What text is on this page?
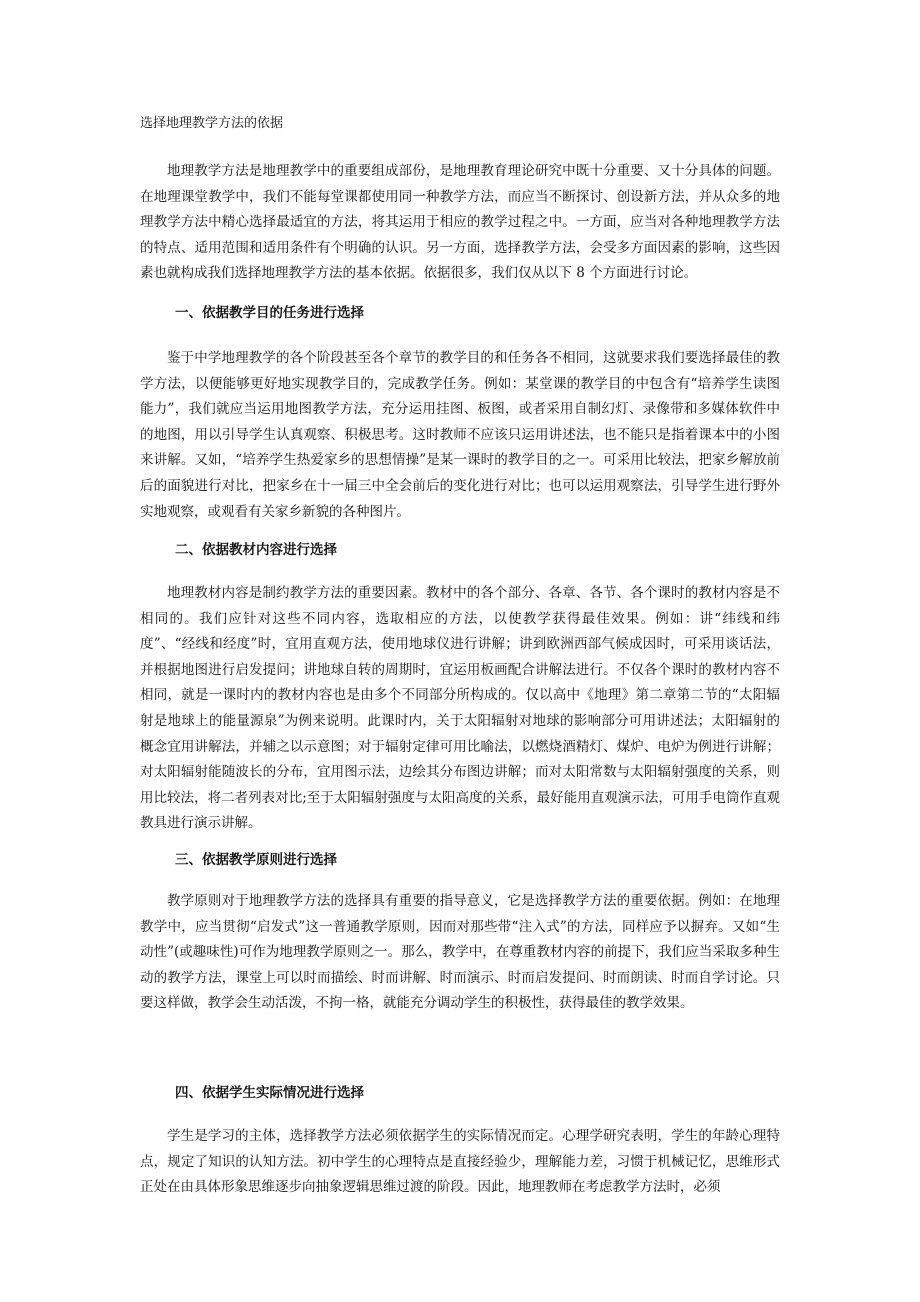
选择地理教学方法的依据

地理教学方法是地理教学中的重要组成部份，是地理教育理论研究中既十分重要、又十分具体的问题。在地理课堂教学中，我们不能每堂课都使用同一种教学方法，而应当不断探讨、创设新方法，并从众多的地理教学方法中精心选择最适宜的方法，将其运用于相应的教学过程之中。一方面，应当对各种地理教学方法的特点、适用范围和适用条件有个明确的认识。另一方面，选择教学方法，会受多方面因素的影响，这些因素也就构成我们选择地理教学方法的基本依据。依据很多，我们仅从以下 8 个方面进行讨论。

一、依据教学目的任务进行选择

鉴于中学地理教学的各个阶段甚至各个章节的教学目的和任务各不相同，这就要求我们要选择最佳的教学方法，以便能够更好地实现教学目的，完成教学任务。例如：某堂课的教学目的中包含有“培养学生读图能力”，我们就应当运用地图教学方法，充分运用挂图、板图，或者采用自制幻灯、录像带和多媒体软件中的地图，用以引导学生认真观察、积极思考。这时教师不应该只运用讲述法，也不能只是指着课本中的小图来讲解。又如，“培养学生热爱家乡的思想情操”是某一课时的教学目的之一。可采用比较法，把家乡解放前后的面貌进行对比，把家乡在十一届三中全会前后的变化进行对比；也可以运用观察法，引导学生进行野外实地观察，或观看有关家乡新貌的各种图片。

二、依据教材内容进行选择

地理教材内容是制约教学方法的重要因素。教材中的各个部分、各章、各节、各个课时的教材内容是不相同的。我们应针对这些不同内容，选取相应的方法，以使教学获得最佳效果。例如：讲“纬线和纬度”、“经线和经度”时，宜用直观方法，使用地球仪进行讲解；讲到欧洲西部气候成因时，可采用谈话法，并根据地图进行启发提问；讲地球自转的周期时，宜运用板画配合讲解法进行。不仅各个课时的教材内容不相同，就是一课时内的教材内容也是由多个不同部分所构成的。仅以高中《地理》第二章第二节的“太阳辐射是地球上的能量源泉”为例来说明。此课时内，关于太阳辐射对地球的影响部分可用讲述法；太阳辐射的概念宜用讲解法，并辅之以示意图；对于辐射定律可用比喻法，以燃烧酒精灯、煤炉、电炉为例进行讲解；对太阳辐射能随波长的分布，宜用图示法，边绘其分布图边讲解；而对太阳常数与太阳辐射强度的关系，则用比较法，将二者列表对比;至于太阳辐射强度与太阳高度的关系，最好能用直观演示法，可用手电筒作直观教具进行演示讲解。

三、依据教学原则进行选择

教学原则对于地理教学方法的选择具有重要的指导意义，它是选择教学方法的重要依据。例如：在地理教学中，应当贯彻“启发式”这一普通教学原则，因而对那些带“注入式”的方法，同样应予以摒弃。又如“生动性”(或趣味性)可作为地理教学原则之一。那么，教学中，在尊重教材内容的前提下，我们应当采取多种生动的教学方法，课堂上可以时而描绘、时而讲解、时而演示、时而启发提问、时而朗读、时而自学讨论。只要这样做，教学会生动活泼，不拘一格，就能充分调动学生的积极性，获得最佳的教学效果。

四、依据学生实际情况进行选择

学生是学习的主体，选择教学方法必须依据学生的实际情况而定。心理学研究表明，学生的年龄心理特点，规定了知识的认知方法。初中学生的心理特点是直接经验少，理解能力差，习惯于机械记忆，思维形式正处在由具体形象思维逐步向抽象逻辑思维过渡的阶段。因此，地理教师在考虑教学方法时，必须
